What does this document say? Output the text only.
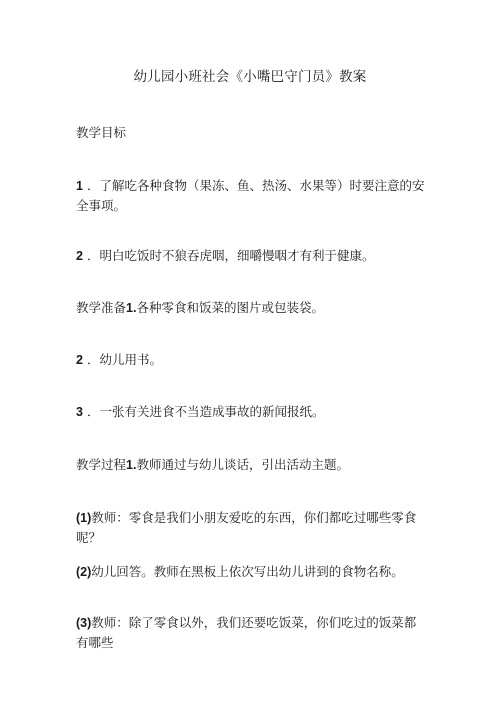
幼儿园小班社会《小嘴巴守门员》教案
教学目标
1 ．了解吃各种食物（果冻、鱼、热汤、水果等）时要注意的安全事项。
2 ．明白吃饭时不狼吞虎咽，细嚼慢咽才有利于健康。
教学准备1.各种零食和饭菜的图片或包装袋。
2 ．幼儿用书。
3 ．一张有关进食不当造成事故的新闻报纸。
教学过程1.教师通过与幼儿谈话，引出活动主题。
(1)教师：零食是我们小朋友爱吃的东西，你们都吃过哪些零食呢？
(2)幼儿回答。教师在黑板上依次写出幼儿讲到的食物名称。
(3)教师：除了零食以外，我们还要吃饭菜，你们吃过的饭菜都有哪些
